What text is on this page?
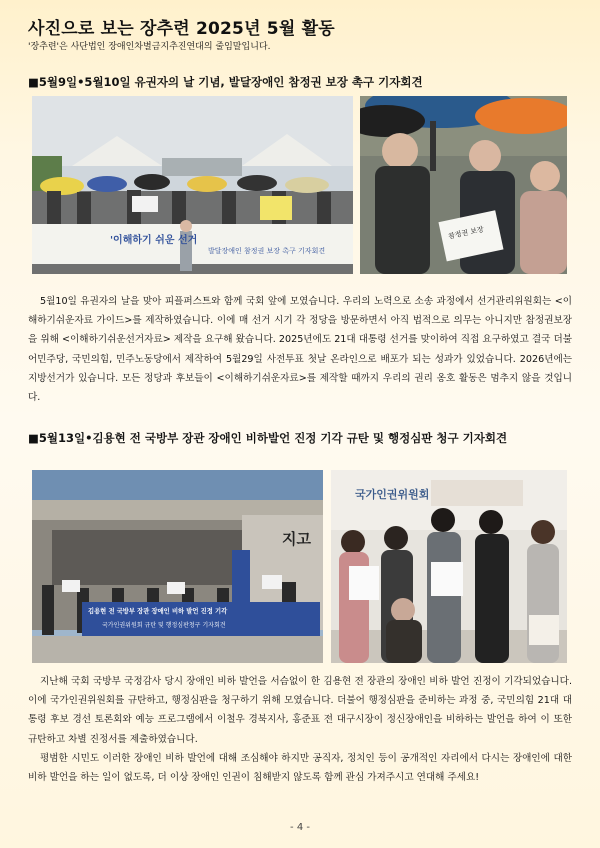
사진으로 보는 장추련 2025년 5월 활동
'장추련'은 사단법인 장애인차별금지추진연대의 줄임말입니다.
■5월9일•5월10일 유권자의 날 기념, 발달장애인 참정권 보장 촉구 기자회견
'이해하기 쉬운 선거
발달장애인 참정권 보장 촉구 기자회견
참정권 보장

5월10일 유권자의 날을 맞아 피플퍼스트와 함께 국회 앞에 모였습니다. 우리의 노력으로 소송 과정에서 선거관리위원회는 <이해하기쉬운자료 가이드>를 제작하였습니다. 이에 매 선거 시기 각 정당을 방문하면서 아직 법적으로 의무는 아니지만 참정권보장을 위해 <이해하기쉬운선거자료> 제작을 요구해 왔습니다. 2025년에도 21대 대통령 선거를 맞이하여 직접 요구하였고 결국 더불어민주당, 국민의힘, 민주노동당에서 제작하여 5월29일 사전투표 첫날 온라인으로 배포가 되는 성과가 있었습니다. 2026년에는 지방선거가 있습니다. 모든 정당과 후보들이 <이해하기쉬운자료>를 제작할 때까지 우리의 권리 옹호 활동은 멈추지 않을 것입니다.

■5월13일•김용현 전 국방부 장관 장애인 비하발언 진정 기각 규탄 및 행정심판 청구 기자회견
지고
김용현 전 국방부 장관 장애인 비하 발언 진정 기각
국가인권위원회 규탄 및 행정심판청구 기자회견
국가인권위원회

지난해 국회 국방부 국정감사 당시 장애인 비하 발언을 서슴없이 한 김용현 전 장관의 장애인 비하 발언 진정이 기각되었습니다. 이에 국가인권위원회를 규탄하고, 행정심판을 청구하기 위해 모였습니다. 더불어 행정심판을 준비하는 과정 중, 국민의힘 21대 대통령 후보 경선 토론회와 예능 프로그램에서 이철우 경북지사, 홍준표 전 대구시장이 정신장애인을 비하하는 발언을 하여 이 또한 규탄하고 차별 진정서를 제출하였습니다.

평범한 시민도 이러한 장애인 비하 발언에 대해 조심해야 하지만 공직자, 정치인 등이 공개적인 자리에서 다시는 장애인에 대한 비하 발언을 하는 일이 없도록, 더 이상 장애인 인권이 침해받지 않도록 함께 관심 가져주시고 연대해 주세요!

- 4 -
